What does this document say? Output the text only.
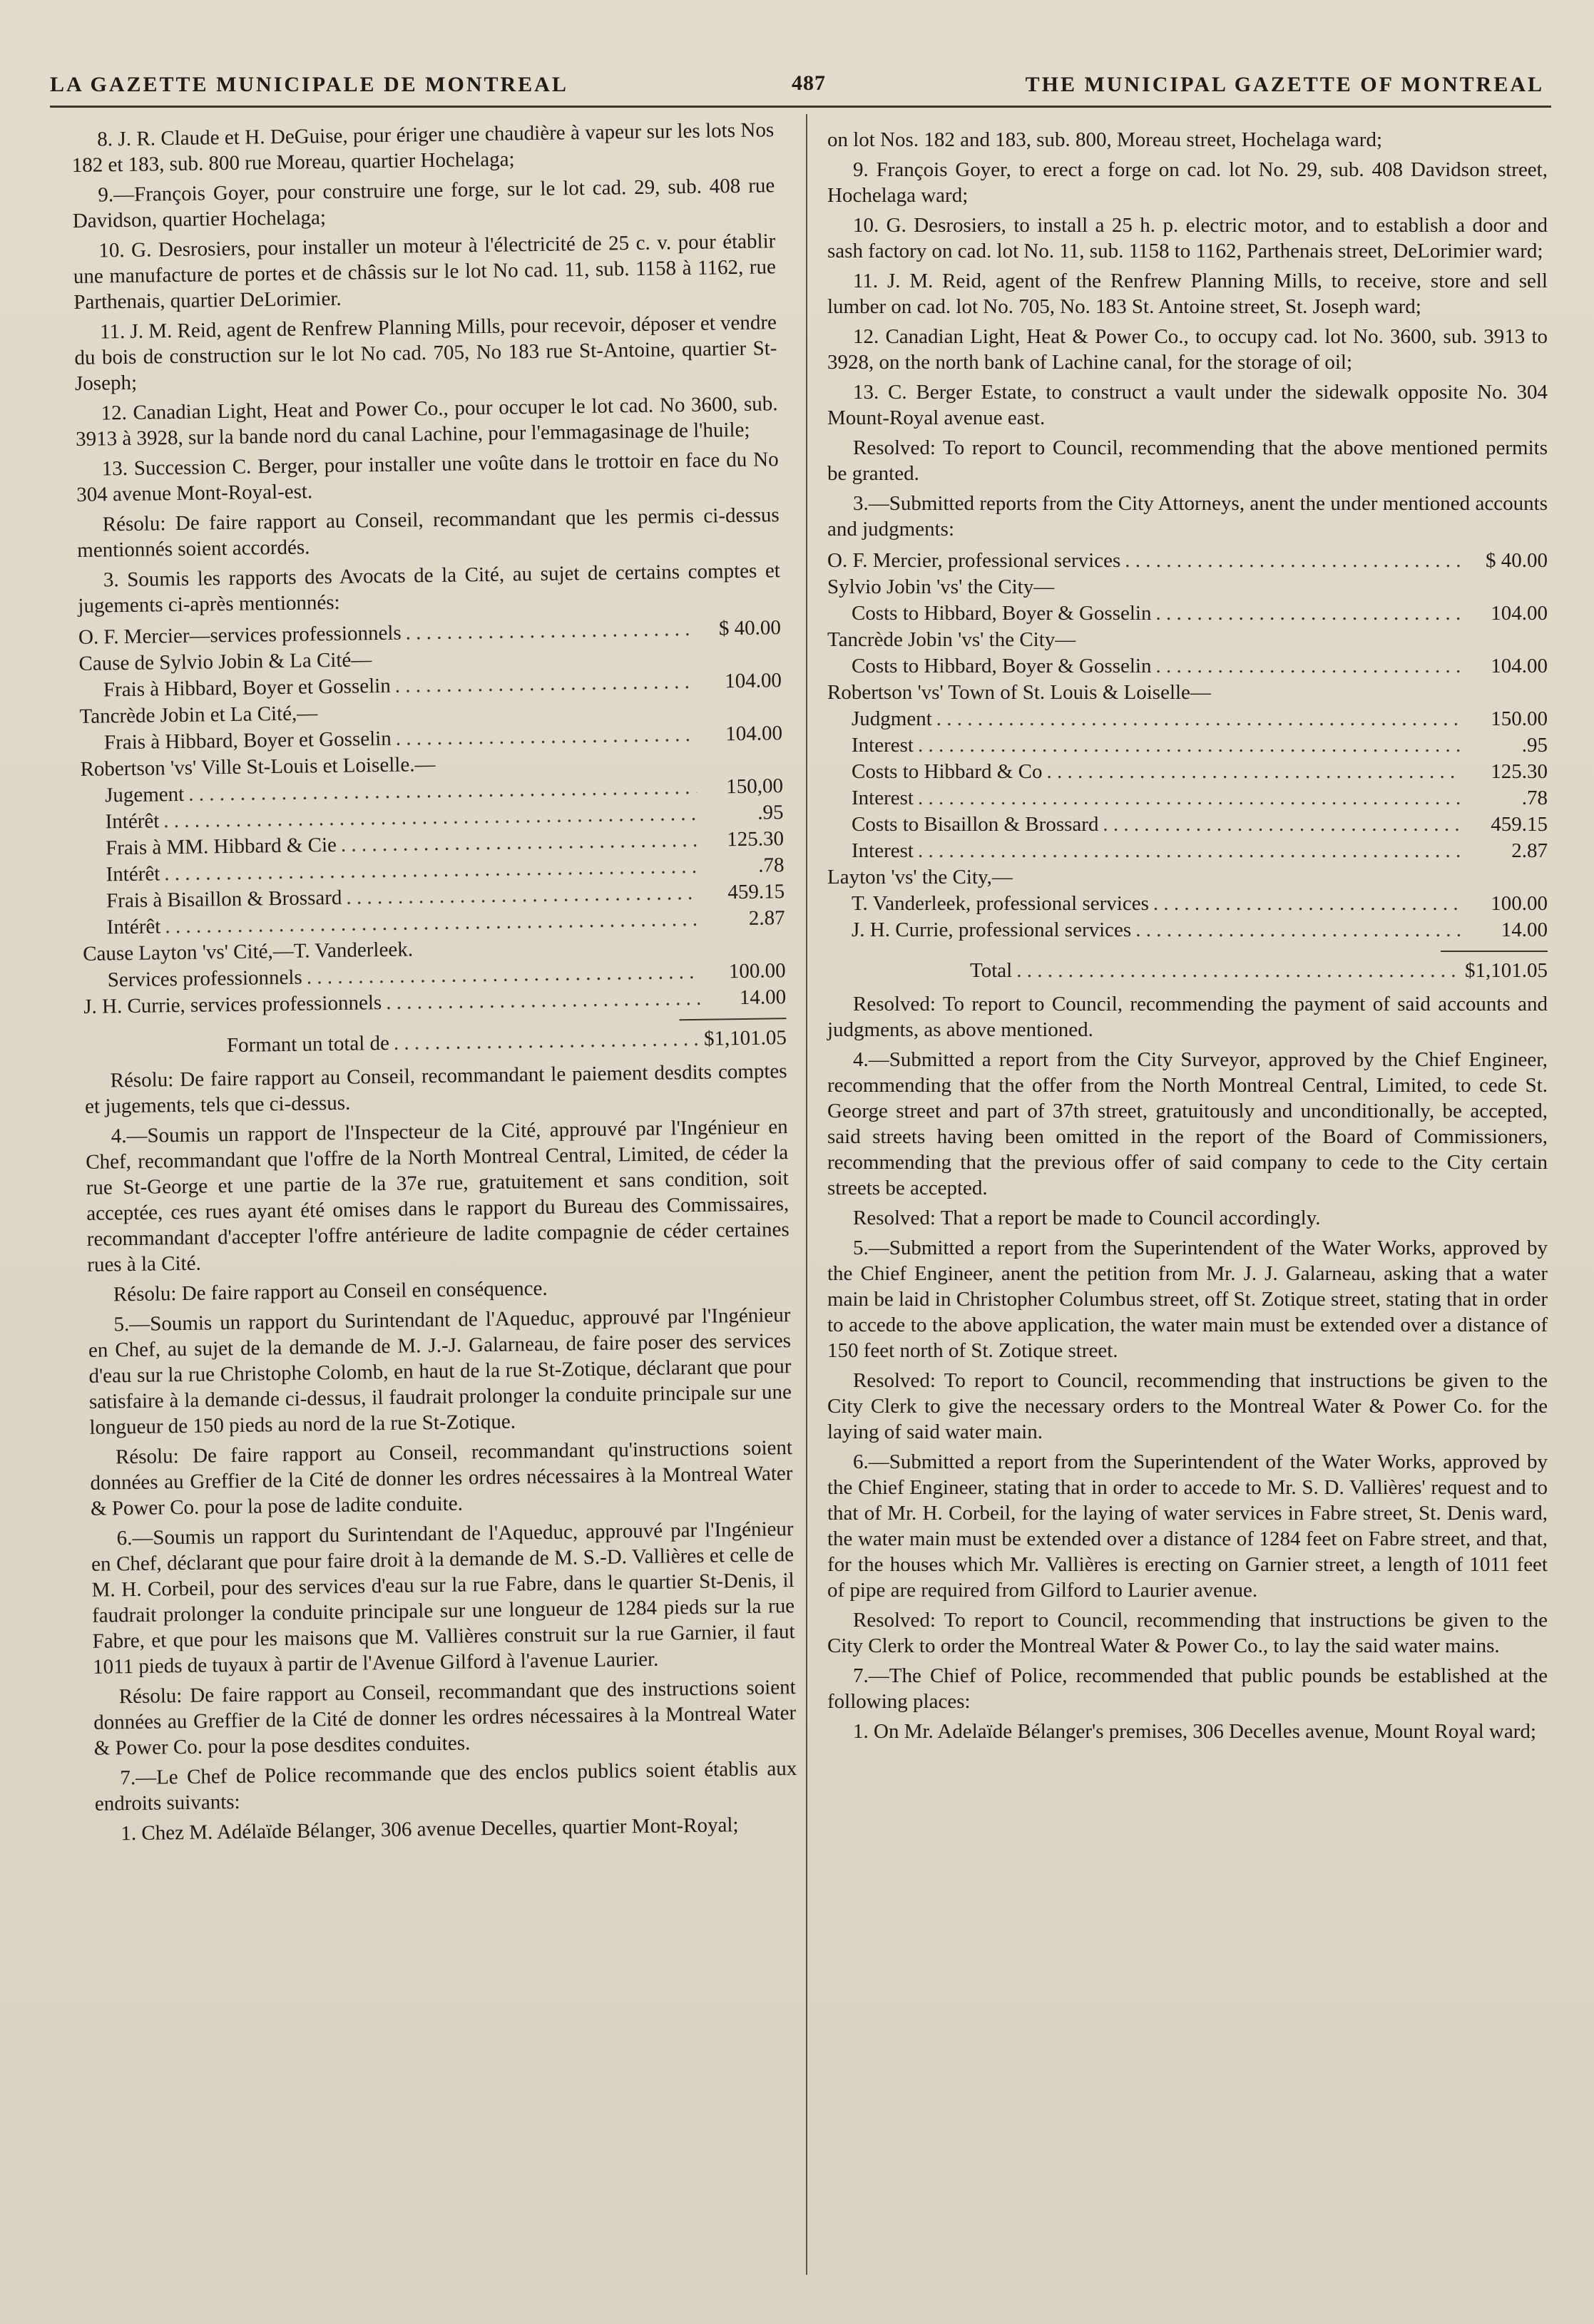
LA GAZETTE MUNICIPALE DE MONTREAL	487	THE MUNICIPAL GAZETTE OF MONTREAL

8. J. R. Claude et H. DeGuise, pour ériger une chaudière à vapeur sur les lots Nos 182 et 183, sub. 800 rue Moreau, quartier Hochelaga;

9.—François Goyer, pour construire une forge, sur le lot cad. 29, sub. 408 rue Davidson, quartier Hochelaga;

10. G. Desrosiers, pour installer un moteur à l'électricité de 25 c. v. pour établir une manufacture de portes et de châssis sur le lot No cad. 11, sub. 1158 à 1162, rue Parthenais, quartier DeLorimier.

11. J. M. Reid, agent de Renfrew Planning Mills, pour recevoir, déposer et vendre du bois de construction sur le lot No cad. 705, No 183 rue St-Antoine, quartier St-Joseph;

12. Canadian Light, Heat and Power Co., pour occuper le lot cad. No 3600, sub. 3913 à 3928, sur la bande nord du canal Lachine, pour l'emmagasinage de l'huile;

13. Succession C. Berger, pour installer une voûte dans le trottoir en face du No 304 avenue Mont-Royal-est.

Résolu: De faire rapport au Conseil, recommandant que les permis ci-dessus mentionnés soient accordés.

3. Soumis les rapports des Avocats de la Cité, au sujet de certains comptes et jugements ci-après mentionnés:

O. F. Mercier—services professionnels . . .	$ 40.00
Cause de Sylvio Jobin & La Cité—
Frais à Hibbard, Boyer et Gosselin . . .	104.00
Tancrède Jobin et La Cité,—
Frais à Hibbard, Boyer et Gosselin . . .	104.00
Robertson 'vs' Ville St-Louis et Loiselle.—
Jugement . . .	150,00
Intérêt . . .	.95
Frais à MM. Hibbard & Cie . . .	125.30
Intérêt . . .	.78
Frais à Bisaillon & Brossard . . .	459.15
Intérêt . . .	2.87
Cause Layton 'vs' Cité,—T. Vanderleek.
Services professionnels . . .	100.00
J. H. Currie, services professionnels . . .	14.00
Formant un total de . . .	$1,101.05

Résolu: De faire rapport au Conseil, recommandant le paiement desdits comptes et jugements, tels que ci-dessus.

4.—Soumis un rapport de l'Inspecteur de la Cité, approuvé par l'Ingénieur en Chef, recommandant que l'offre de la North Montreal Central, Limited, de céder la rue St-George et une partie de la 37e rue, gratuitement et sans condition, soit acceptée, ces rues ayant été omises dans le rapport du Bureau des Commissaires, recommandant d'accepter l'offre antérieure de ladite compagnie de céder certaines rues à la Cité.

Résolu: De faire rapport au Conseil en conséquence.

5.—Soumis un rapport du Surintendant de l'Aqueduc, approuvé par l'Ingénieur en Chef, au sujet de la demande de M. J.-J. Galarneau, de faire poser des services d'eau sur la rue Christophe Colomb, en haut de la rue St-Zotique, déclarant que pour satisfaire à la demande ci-dessus, il faudrait prolonger la conduite principale sur une longueur de 150 pieds au nord de la rue St-Zotique.

Résolu: De faire rapport au Conseil, recommandant qu'instructions soient données au Greffier de la Cité de donner les ordres nécessaires à la Montreal Water & Power Co. pour la pose de ladite conduite.

6.—Soumis un rapport du Surintendant de l'Aqueduc, approuvé par l'Ingénieur en Chef, déclarant que pour faire droit à la demande de M. S.-D. Vallières et celle de M. H. Corbeil, pour des services d'eau sur la rue Fabre, dans le quartier St-Denis, il faudrait prolonger la conduite principale sur une longueur de 1284 pieds sur la rue Fabre, et que pour les maisons que M. Vallières construit sur la rue Garnier, il faut 1011 pieds de tuyaux à partir de l'Avenue Gilford à l'avenue Laurier.

Résolu: De faire rapport au Conseil, recommandant que des instructions soient données au Greffier de la Cité de donner les ordres nécessaires à la Montreal Water & Power Co. pour la pose desdites conduites.

7.—Le Chef de Police recommande que des enclos publics soient établis aux endroits suivants:

1. Chez M. Adélaïde Bélanger, 306 avenue Decelles, quartier Mont-Royal;

on lot Nos. 182 and 183, sub. 800, Moreau street, Hochelaga ward;

9. François Goyer, to erect a forge on cad. lot No. 29, sub. 408 Davidson street, Hochelaga ward;

10. G. Desrosiers, to install a 25 h. p. electric motor, and to establish a door and sash factory on cad. lot No. 11, sub. 1158 to 1162, Parthenais street, DeLorimier ward;

11. J. M. Reid, agent of the Renfrew Planning Mills, to receive, store and sell lumber on cad. lot No. 705, No. 183 St. Antoine street, St. Joseph ward;

12. Canadian Light, Heat & Power Co., to occupy cad. lot No. 3600, sub. 3913 to 3928, on the north bank of Lachine canal, for the storage of oil;

13. C. Berger Estate, to construct a vault under the sidewalk opposite No. 304 Mount-Royal avenue east.

Resolved: To report to Council, recommending that the above mentioned permits be granted.

3.—Submitted reports from the City Attorneys, anent the under mentioned accounts and judgments:

O. F. Mercier, professional services . . .	$ 40.00
Sylvio Jobin 'vs' the City—
Costs to Hibbard, Boyer & Gosselin . . .	104.00
Tancrède Jobin 'vs' the City—
Costs to Hibbard, Boyer & Gosselin . . .	104.00
Robertson 'vs' Town of St. Louis & Loiselle—
Judgment . . .	150.00
Interest . . .	.95
Costs to Hibbard & Co . . .	125.30
Interest . . .	.78
Costs to Bisaillon & Brossard . . .	459.15
Interest . . .	2.87
Layton 'vs' the City,—
T. Vanderleek, professional services . . .	100.00
J. H. Currie, professional services . . .	14.00
Total . . .	$1,101.05

Resolved: To report to Council, recommending the payment of said accounts and judgments, as above mentioned.

4.—Submitted a report from the City Surveyor, approved by the Chief Engineer, recommending that the offer from the North Montreal Central, Limited, to cede St. George street and part of 37th street, gratuitously and unconditionally, be accepted, said streets having been omitted in the report of the Board of Commissioners, recommending that the previous offer of said company to cede to the City certain streets be accepted.

Resolved: That a report be made to Council accordingly.

5.—Submitted a report from the Superintendent of the Water Works, approved by the Chief Engineer, anent the petition from Mr. J. J. Galarneau, asking that a water main be laid in Christopher Columbus street, off St. Zotique street, stating that in order to accede to the above application, the water main must be extended over a distance of 150 feet north of St. Zotique street.

Resolved: To report to Council, recommending that instructions be given to the City Clerk to give the necessary orders to the Montreal Water & Power Co. for the laying of said water main.

6.—Submitted a report from the Superintendent of the Water Works, approved by the Chief Engineer, stating that in order to accede to Mr. S. D. Vallières' request and to that of Mr. H. Corbeil, for the laying of water services in Fabre street, St. Denis ward, the water main must be extended over a distance of 1284 feet on Fabre street, and that, for the houses which Mr. Vallières is erecting on Garnier street, a length of 1011 feet of pipe are required from Gilford to Laurier avenue.

Resolved: To report to Council, recommending that instructions be given to the City Clerk to order the Montreal Water & Power Co., to lay the said water mains.

7.—The Chief of Police, recommended that public pounds be established at the following places:

1. On Mr. Adelaïde Bélanger's premises, 306 Decelles avenue, Mount Royal ward;
